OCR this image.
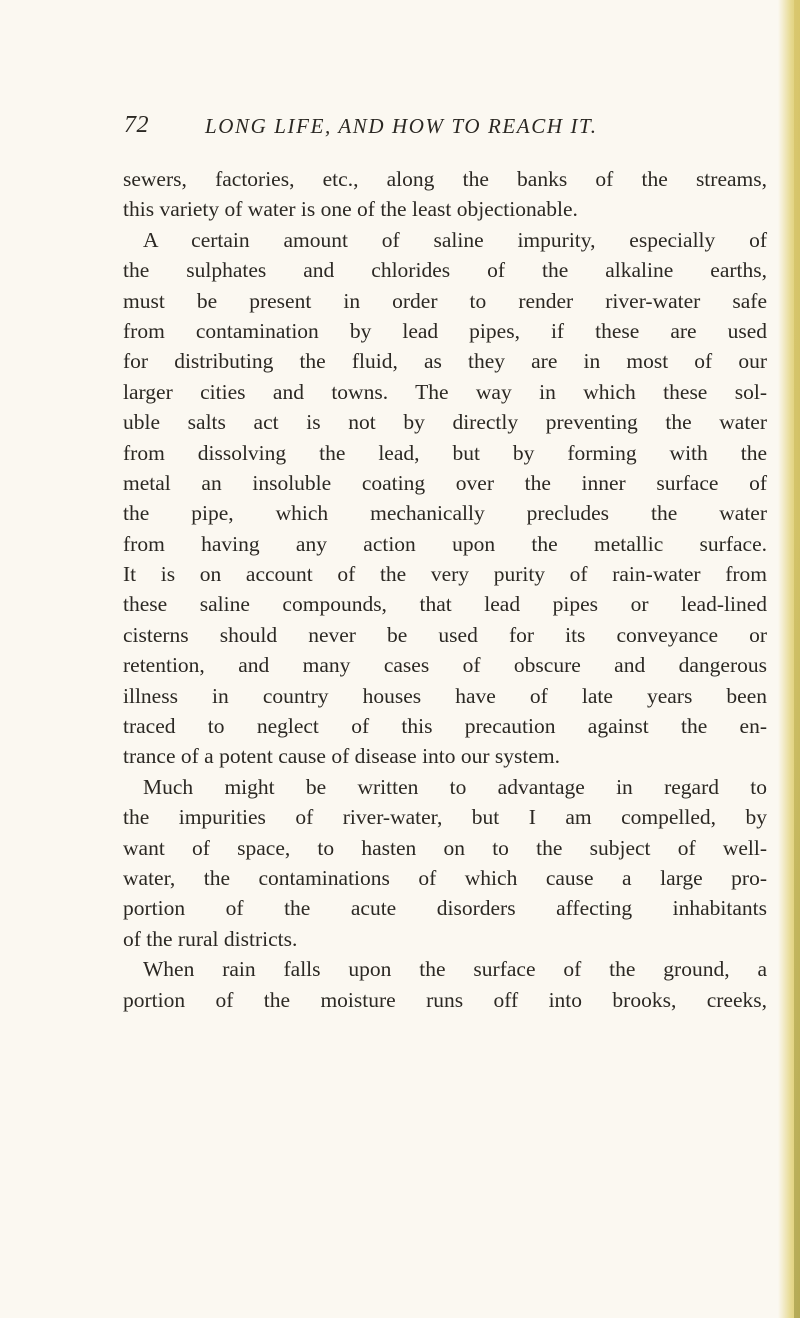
72	LONG LIFE, AND HOW TO REACH IT.
sewers, factories, etc., along the banks of the streams,
this variety of water is one of the least objectionable.
A certain amount of saline impurity, especially of
the sulphates and chlorides of the alkaline earths,
must be present in order to render river-water safe
from contamination by lead pipes, if these are used
for distributing the fluid, as they are in most of our
larger cities and towns. The way in which these sol-
uble salts act is not by directly preventing the water
from dissolving the lead, but by forming with the
metal an insoluble coating over the inner surface of
the pipe, which mechanically precludes the water
from having any action upon the metallic surface.
It is on account of the very purity of rain-water from
these saline compounds, that lead pipes or lead-lined
cisterns should never be used for its conveyance or
retention, and many cases of obscure and dangerous
illness in country houses have of late years been
traced to neglect of this precaution against the en-
trance of a potent cause of disease into our system.
Much might be written to advantage in regard to
the impurities of river-water, but I am compelled, by
want of space, to hasten on to the subject of well-
water, the contaminations of which cause a large pro-
portion of the acute disorders affecting inhabitants
of the rural districts.
When rain falls upon the surface of the ground, a
portion of the moisture runs off into brooks, creeks,
